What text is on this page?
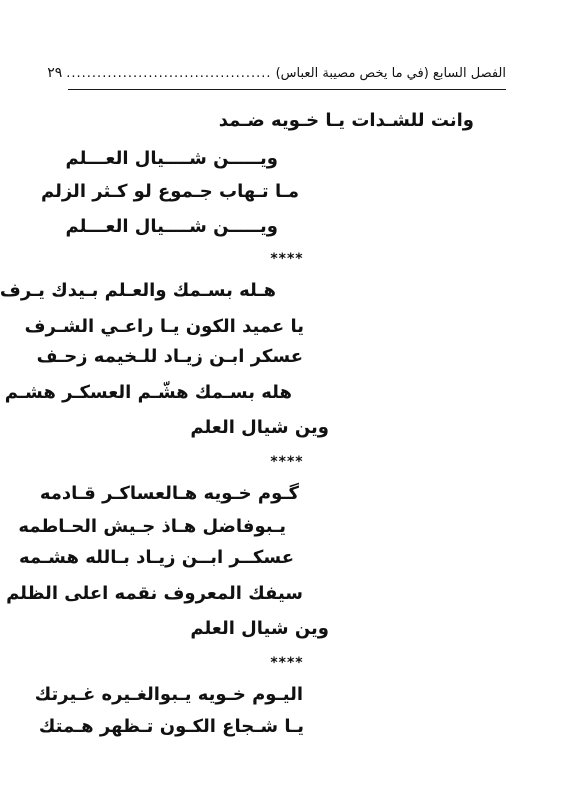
الفصل السابع (في ما يخص مصيبة العباس)
........................................
٢٩
وانت للشـدات يـا خـويه ضـمد
ويـــــن شــــيال العـــلم
مـا تـهاب جـموع لو كـثر الزلم
ويـــــن شــــيال العـــلم
****
هـله بسـمك والعـلم بـيدك يـرف
يا عميد الكون يـا راعـي الشـرف
عسكر ابـن زيـاد للـخيمه زحـف
هله بسـمك هشّـم العسكـر هشـم
وين شيال العلم
****
گـوم خـويه هـالعساكـر قـادمه
يـبوفاضل هـاذ جـيش الحـاطمه
عسكــر ابــن زيـاد بـالله هشـمه
سيفك المعروف نقمه اعلى الظلم
وين شيال العلم
****
اليـوم خـويه يـبوالغـيره غـيرتك
يـا شـجاع الكـون تـظهر هـمتك
